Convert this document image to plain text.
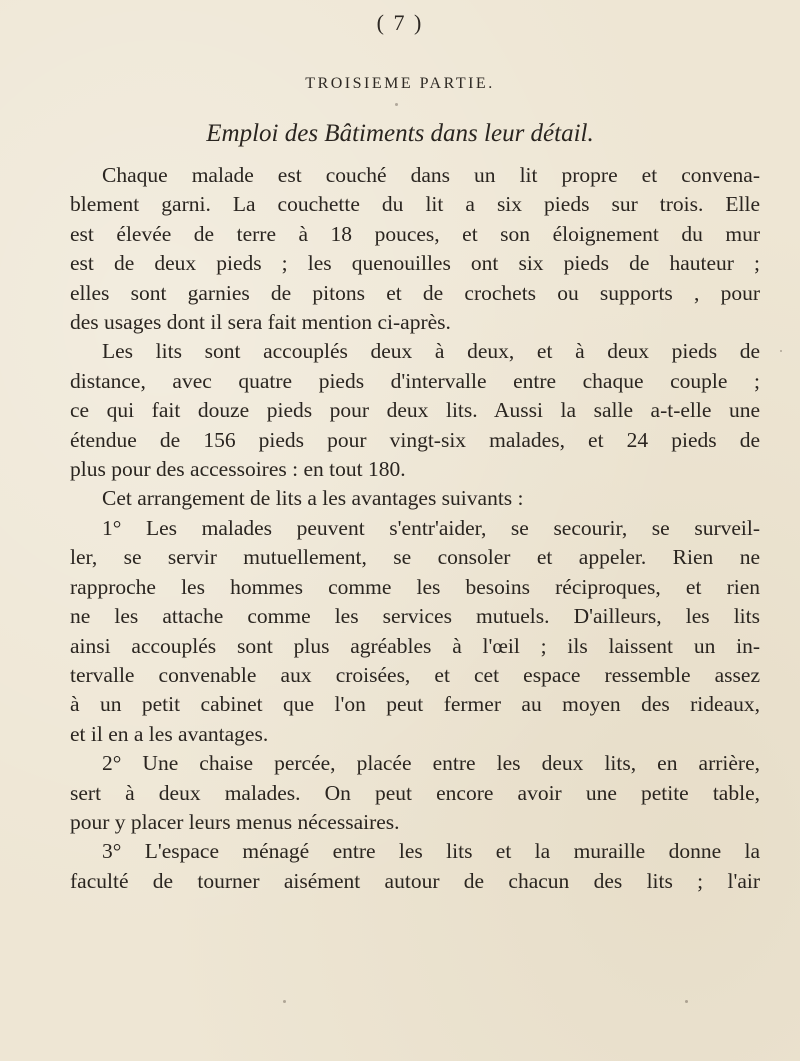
( 7 )
TROISIEME PARTIE.
Emploi des Bâtiments dans leur détail.
Chaque malade est couché dans un lit propre et convena-
blement garni. La couchette du lit a six pieds sur trois. Elle
est élevée de terre à 18 pouces, et son éloignement du mur
est de deux pieds ; les quenouilles ont six pieds de hauteur ;
elles sont garnies de pitons et de crochets ou supports , pour
des usages dont il sera fait mention ci-après.
Les lits sont accouplés deux à deux, et à deux pieds de
distance, avec quatre pieds d'intervalle entre chaque couple ;
ce qui fait douze pieds pour deux lits. Aussi la salle a-t-elle une
étendue de 156 pieds pour vingt-six malades, et 24 pieds de
plus pour des accessoires : en tout 180.
Cet arrangement de lits a les avantages suivants :
1° Les malades peuvent s'entr'aider, se secourir, se surveil-
ler, se servir mutuellement, se consoler et appeler. Rien ne
rapproche les hommes comme les besoins réciproques, et rien
ne les attache comme les services mutuels. D'ailleurs, les lits
ainsi accouplés sont plus agréables à l'œil ; ils laissent un in-
tervalle convenable aux croisées, et cet espace ressemble assez
à un petit cabinet que l'on peut fermer au moyen des rideaux,
et il en a les avantages.
2° Une chaise percée, placée entre les deux lits, en arrière,
sert à deux malades. On peut encore avoir une petite table,
pour y placer leurs menus nécessaires.
3° L'espace ménagé entre les lits et la muraille donne la
faculté de tourner aisément autour de chacun des lits ; l'air
